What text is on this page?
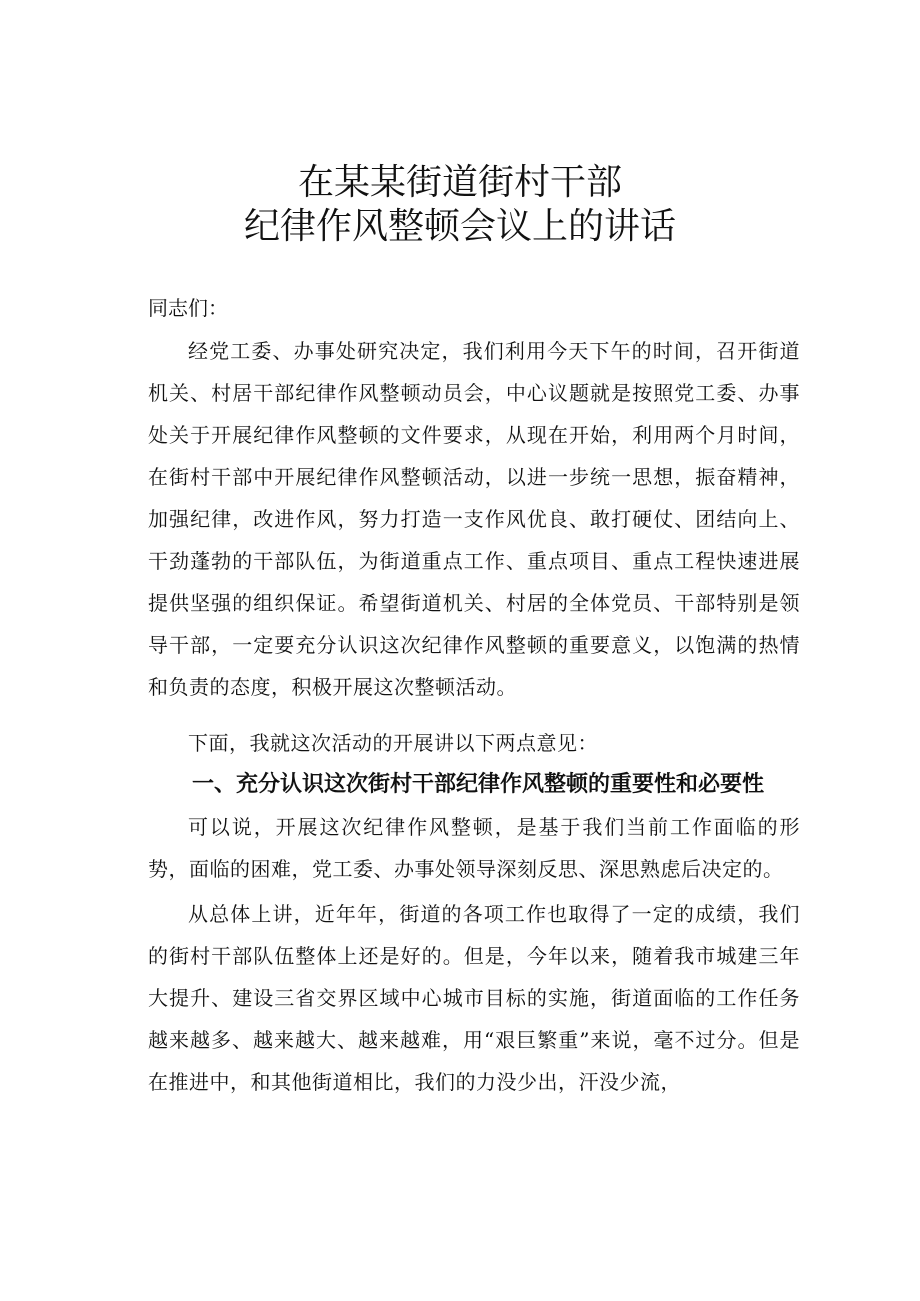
在某某街道街村干部
纪律作风整顿会议上的讲话

同志们：

经党工委、办事处研究决定，我们利用今天下午的时间，召开街道机关、村居干部纪律作风整顿动员会，中心议题就是按照党工委、办事处关于开展纪律作风整顿的文件要求，从现在开始，利用两个月时间，在街村干部中开展纪律作风整顿活动，以进一步统一思想，振奋精神，加强纪律，改进作风，努力打造一支作风优良、敢打硬仗、团结向上、干劲蓬勃的干部队伍，为街道重点工作、重点项目、重点工程快速进展提供坚强的组织保证。希望街道机关、村居的全体党员、干部特别是领导干部，一定要充分认识这次纪律作风整顿的重要意义，以饱满的热情和负责的态度，积极开展这次整顿活动。

下面，我就这次活动的开展讲以下两点意见：

一、充分认识这次街村干部纪律作风整顿的重要性和必要性

可以说，开展这次纪律作风整顿，是基于我们当前工作面临的形势，面临的困难，党工委、办事处领导深刻反思、深思熟虑后决定的。

从总体上讲，近年年，街道的各项工作也取得了一定的成绩，我们的街村干部队伍整体上还是好的。但是，今年以来，随着我市城建三年大提升、建设三省交界区域中心城市目标的实施，街道面临的工作任务越来越多、越来越大、越来越难，用“艰巨繁重”来说，毫不过分。但是在推进中，和其他街道相比，我们的力没少出，汗没少流，
